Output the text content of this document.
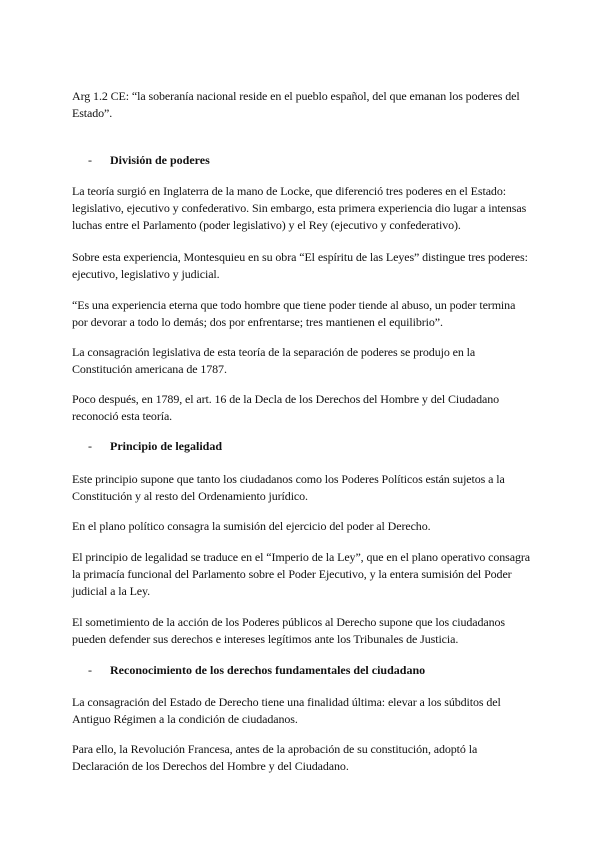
Arg 1.2 CE: “la soberanía nacional reside en el pueblo español, del que emanan los poderes del Estado”.

- División de poderes

La teoría surgió en Inglaterra de la mano de Locke, que diferenció tres poderes en el Estado: legislativo, ejecutivo y confederativo. Sin embargo, esta primera experiencia dio lugar a intensas luchas entre el Parlamento (poder legislativo) y el Rey (ejecutivo y confederativo).

Sobre esta experiencia, Montesquieu en su obra “El espíritu de las Leyes” distingue tres poderes: ejecutivo, legislativo y judicial.

“Es una experiencia eterna que todo hombre que tiene poder tiende al abuso, un poder termina por devorar a todo lo demás; dos por enfrentarse; tres mantienen el equilibrio”.

La consagración legislativa de esta teoría de la separación de poderes se produjo en la Constitución americana de 1787.

Poco después, en 1789, el art. 16 de la Decla de los Derechos del Hombre y del Ciudadano reconoció esta teoría.

- Principio de legalidad

Este principio supone que tanto los ciudadanos como los Poderes Políticos están sujetos a la Constitución y al resto del Ordenamiento jurídico.

En el plano político consagra la sumisión del ejercicio del poder al Derecho.

El principio de legalidad se traduce en el “Imperio de la Ley”, que en el plano operativo consagra la primacía funcional del Parlamento sobre el Poder Ejecutivo, y la entera sumisión del Poder judicial a la Ley.

El sometimiento de la acción de los Poderes públicos al Derecho supone que los ciudadanos pueden defender sus derechos e intereses legítimos ante los Tribunales de Justicia.

- Reconocimiento de los derechos fundamentales del ciudadano

La consagración del Estado de Derecho tiene una finalidad última: elevar a los súbditos del Antiguo Régimen a la condición de ciudadanos.

Para ello, la Revolución Francesa, antes de la aprobación de su constitución, adoptó la Declaración de los Derechos del Hombre y del Ciudadano.
